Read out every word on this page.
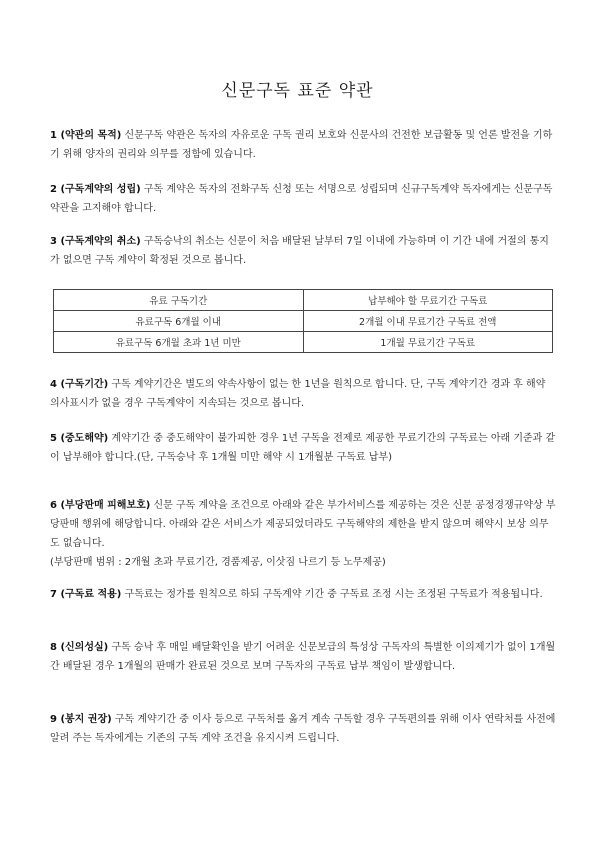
신문구독 표준 약관

1 (약관의 목적) 신문구독 약관은 독자의 자유로운 구독 권리 보호와 신문사의 건전한 보급활동 및 언론 발전을 기하기 위해 양자의 권리와 의무를 정함에 있습니다.

2 (구독계약의 성립) 구독 계약은 독자의 전화구독 신청 또는 서명으로 성립되며 신규구독계약 독자에게는 신문구독 약관을 고지해야 합니다.

3 (구독계약의 취소) 구독승낙의 취소는 신문이 처음 배달된 날부터 7일 이내에 가능하며 이 기간 내에 거절의 통지가 없으면 구독 계약이 확정된 것으로 봅니다.

유료 구독기간	납부해야 할 무료기간 구독료
유료구독 6개월 이내	2개월 이내 무료기간 구독료 전액
유료구독 6개월 초과 1년 미만	1개월 무료기간 구독료

4 (구독기간) 구독 계약기간은 별도의 약속사항이 없는 한 1년을 원칙으로 합니다. 단, 구독 계약기간 경과 후 해약 의사표시가 없을 경우 구독계약이 지속되는 것으로 봅니다.

5 (중도해약) 계약기간 중 중도해약이 불가피한 경우 1년 구독을 전제로 제공한 무료기간의 구독료는 아래 기준과 같이 납부해야 합니다.(단, 구독승낙 후 1개월 미만 해약 시 1개월분 구독료 납부)

6 (부당판매 피해보호) 신문 구독 계약을 조건으로 아래와 같은 부가서비스를 제공하는 것은 신문 공정경쟁규약상 부당판매 행위에 해당합니다. 아래와 같은 서비스가 제공되었더라도 구독해약의 제한을 받지 않으며 해약시 보상 의무도 없습니다.
(부당판매 범위 : 2개월 초과 무료기간, 경품제공, 이삿짐 나르기 등 노무제공)

7 (구독료 적용) 구독료는 정가를 원칙으로 하되 구독계약 기간 중 구독료 조정 시는 조정된 구독료가 적용됩니다.

8 (신의성실) 구독 승낙 후 매일 배달확인을 받기 어려운 신문보급의 특성상 구독자의 특별한 이의제기가 없이 1개월간 배달된 경우 1개월의 판매가 완료된 것으로 보며 구독자의 구독료 납부 책임이 발생합니다.

9 (봉지 권장) 구독 계약기간 중 이사 등으로 구독처를 옮겨 계속 구독할 경우 구독편의를 위해 이사 연락처를 사전에 알려 주는 독자에게는 기존의 구독 계약 조건을 유지시켜 드립니다.
